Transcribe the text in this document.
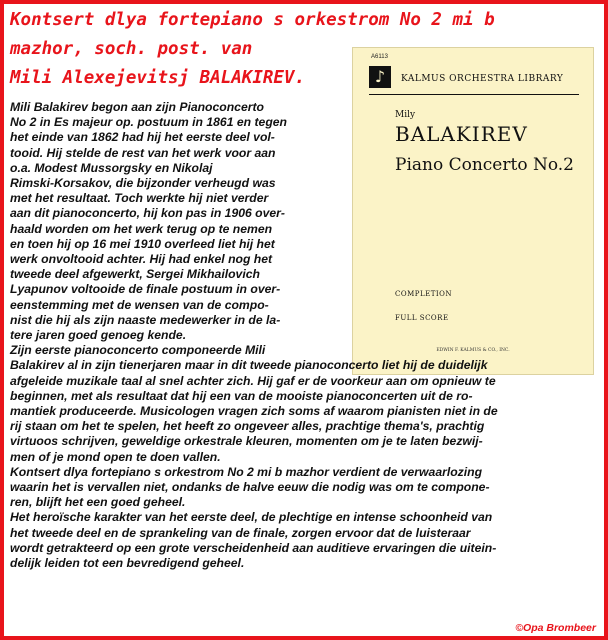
Kontsert dlya fortepiano s orkestrom No 2 mi b
mazhor, soch. post. van
Mili Alexejevitsj BALAKIREV.
A6113
♪	KALMUS ORCHESTRA LIBRARY
Mily
BALAKIREV
Piano Concerto No.2
COMPLETION
FULL SCORE
EDWIN F. KALMUS & CO., INC.
Mili Balakirev begon aan zijn Pianoconcerto
No 2 in Es majeur op. postuum in 1861 en tegen
het einde van 1862 had hij het eerste deel vol-
tooid. Hij stelde de rest van het werk voor aan
o.a. Modest Mussorgsky en Nikolaj
Rimski-Korsakov, die bijzonder verheugd was
met het resultaat. Toch werkte hij niet verder
aan dit pianoconcerto, hij kon pas in 1906 over-
haald worden om het werk terug op te nemen
en toen hij op 16 mei 1910 overleed liet hij het
werk onvoltooid achter. Hij had enkel nog het
tweede deel afgewerkt, Sergei Mikhailovich
Lyapunov voltooide de finale postuum in over-
eenstemming met de wensen van de compo-
nist die hij als zijn naaste medewerker in de la-
tere jaren goed genoeg kende.
Zijn eerste pianoconcerto componeerde Mili
Balakirev al in zijn tienerjaren maar in dit tweede pianoconcerto liet hij de duidelijk
afgeleide muzikale taal al snel achter zich. Hij gaf er de voorkeur aan om opnieuw te
beginnen, met als resultaat dat hij een van de mooiste pianoconcerten uit de ro-
mantiek produceerde. Musicologen vragen zich soms af waarom pianisten niet in de
rij staan om het te spelen, het heeft zo ongeveer alles, prachtige thema's, prachtig
virtuoos schrijven, geweldige orkestrale kleuren, momenten om je te laten bezwij-
men of je mond open te doen vallen.
Kontsert dlya fortepiano s orkestrom No 2 mi b mazhor verdient de verwaarlozing
waarin het is vervallen niet, ondanks de halve eeuw die nodig was om te compone-
ren, blijft het een goed geheel.
Het heroïsche karakter van het eerste deel, de plechtige en intense schoonheid van
het tweede deel en de sprankeling van de finale, zorgen ervoor dat de luisteraar
wordt getrakteerd op een grote verscheidenheid aan auditieve ervaringen die uitein-
delijk leiden tot een bevredigend geheel.
©Opa Brombeer
